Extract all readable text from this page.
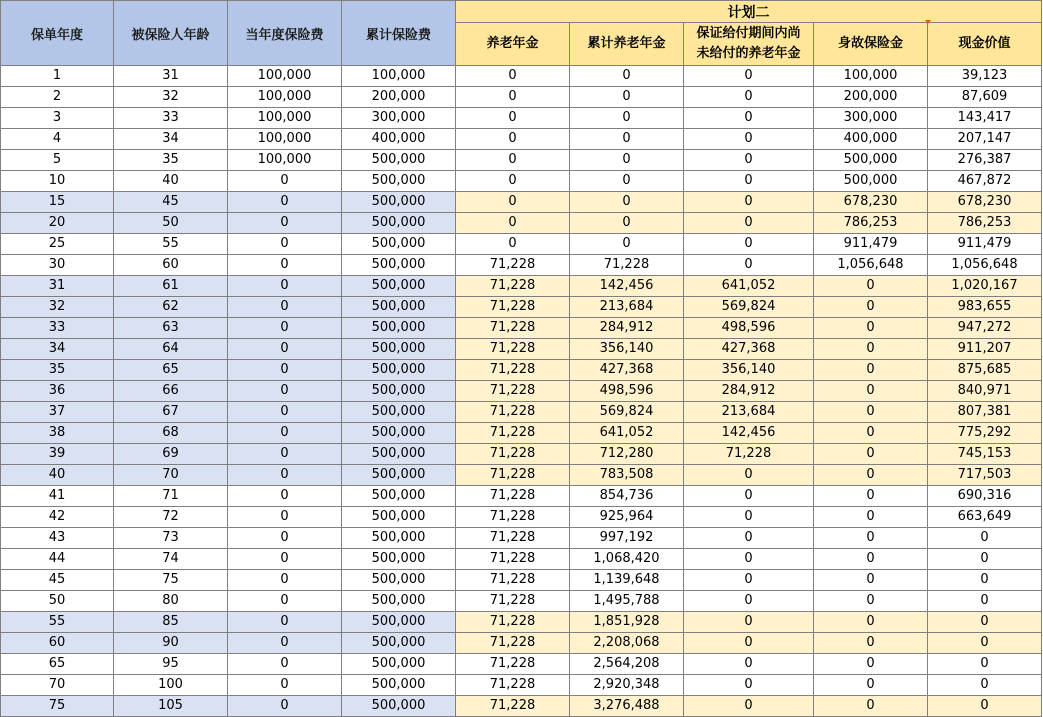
保单年度	被保险人年龄	当年度保险费	累计保险费	计划二				
				养老年金	累计养老年金	保证给付期间内尚
未给付的养老年金	身故保险金	现金价值
1	31	100,000	100,000	0	0	0	100,000	39,123
2	32	100,000	200,000	0	0	0	200,000	87,609
3	33	100,000	300,000	0	0	0	300,000	143,417
4	34	100,000	400,000	0	0	0	400,000	207,147
5	35	100,000	500,000	0	0	0	500,000	276,387
10	40	0	500,000	0	0	0	500,000	467,872
15	45	0	500,000	0	0	0	678,230	678,230
20	50	0	500,000	0	0	0	786,253	786,253
25	55	0	500,000	0	0	0	911,479	911,479
30	60	0	500,000	71,228	71,228	0	1,056,648	1,056,648
31	61	0	500,000	71,228	142,456	641,052	0	1,020,167
32	62	0	500,000	71,228	213,684	569,824	0	983,655
33	63	0	500,000	71,228	284,912	498,596	0	947,272
34	64	0	500,000	71,228	356,140	427,368	0	911,207
35	65	0	500,000	71,228	427,368	356,140	0	875,685
36	66	0	500,000	71,228	498,596	284,912	0	840,971
37	67	0	500,000	71,228	569,824	213,684	0	807,381
38	68	0	500,000	71,228	641,052	142,456	0	775,292
39	69	0	500,000	71,228	712,280	71,228	0	745,153
40	70	0	500,000	71,228	783,508	0	0	717,503
41	71	0	500,000	71,228	854,736	0	0	690,316
42	72	0	500,000	71,228	925,964	0	0	663,649
43	73	0	500,000	71,228	997,192	0	0	0
44	74	0	500,000	71,228	1,068,420	0	0	0
45	75	0	500,000	71,228	1,139,648	0	0	0
50	80	0	500,000	71,228	1,495,788	0	0	0
55	85	0	500,000	71,228	1,851,928	0	0	0
60	90	0	500,000	71,228	2,208,068	0	0	0
65	95	0	500,000	71,228	2,564,208	0	0	0
70	100	0	500,000	71,228	2,920,348	0	0	0
75	105	0	500,000	71,228	3,276,488	0	0	0
